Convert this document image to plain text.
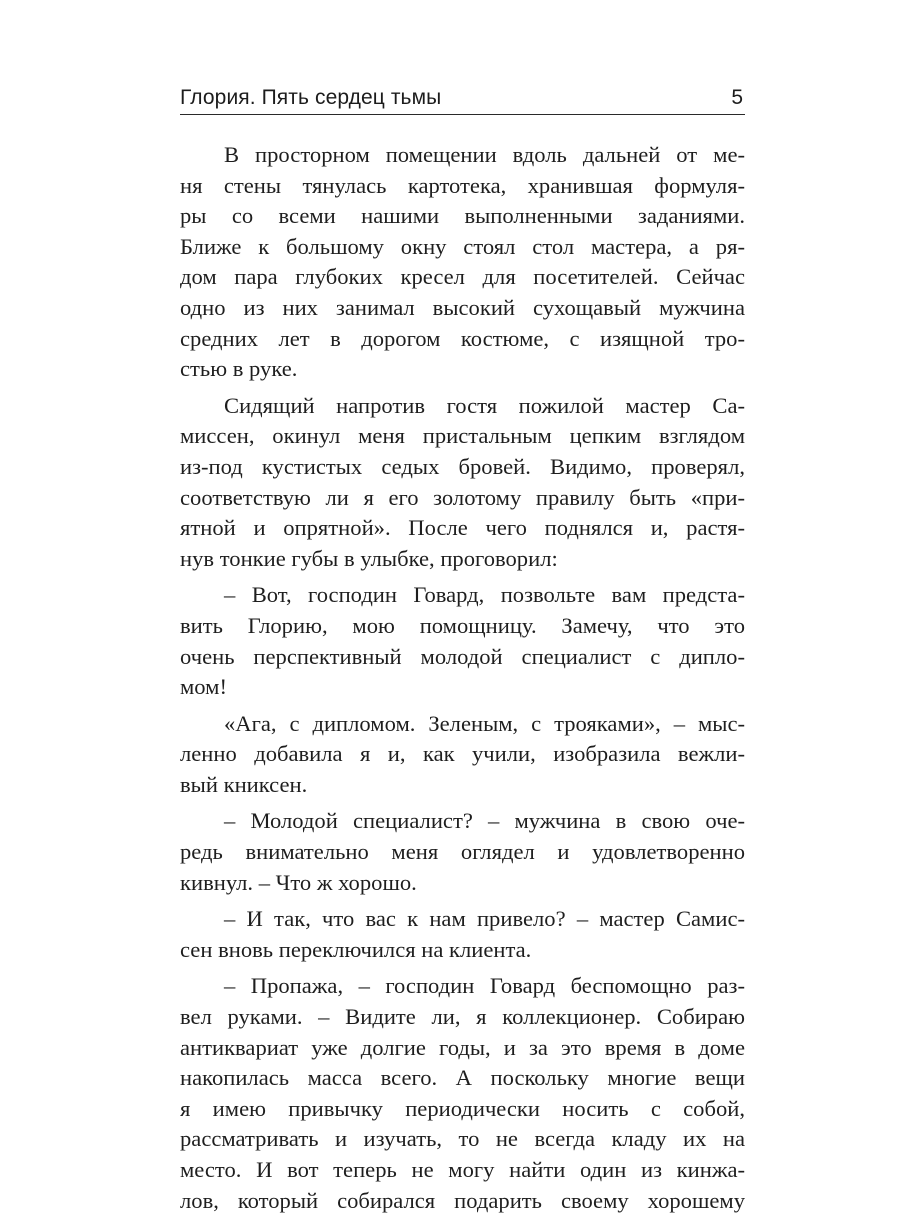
Глория. Пять сердец тьмы	5

В просторном помещении вдоль дальней от ме-
ня стены тянулась картотека, хранившая формуля-
ры со всеми нашими выполненными заданиями.
Ближе к большому окну стоял стол мастера, а ря-
дом пара глубоких кресел для посетителей. Сейчас
одно из них занимал высокий сухощавый мужчина
средних лет в дорогом костюме, с изящной тро-
стью в руке.

Сидящий напротив гостя пожилой мастер Са-
миссен, окинул меня пристальным цепким взглядом
из-под кустистых седых бровей. Видимо, проверял,
соответствую ли я его золотому правилу быть «при-
ятной и опрятной». После чего поднялся и, растя-
нув тонкие губы в улыбке, проговорил:

– Вот, господин Говард, позвольте вам предста-
вить Глорию, мою помощницу. Замечу, что это
очень перспективный молодой специалист с дипло-
мом!

«Ага, с дипломом. Зеленым, с трояками», – мыс-
ленно добавила я и, как учили, изобразила вежли-
вый книксен.

– Молодой специалист? – мужчина в свою оче-
редь внимательно меня оглядел и удовлетворенно
кивнул. – Что ж хорошо.

– И так, что вас к нам привело? – мастер Самис-
сен вновь переключился на клиента.

– Пропажа, – господин Говард беспомощно раз-
вел руками. – Видите ли, я коллекционер. Собираю
антиквариат уже долгие годы, и за это время в доме
накопилась масса всего. А поскольку многие вещи
я имею привычку периодически носить с собой,
рассматривать и изучать, то не всегда кладу их на
место. И вот теперь не могу найти один из кинжа-
лов, который собирался подарить своему хорошему
